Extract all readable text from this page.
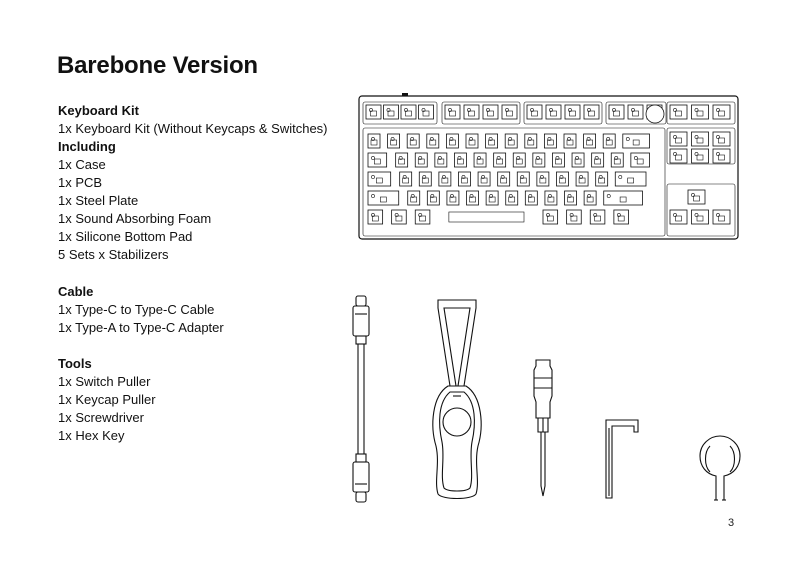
Barebone Version
Keyboard Kit
1x Keyboard Kit (Without Keycaps & Switches)
Including
1x Case
1x PCB
1x Steel Plate
1x Sound Absorbing Foam
1x Silicone Bottom Pad
5 Sets x Stabilizers
Cable
1x Type-C to Type-C Cable
1x Type-A to Type-C Adapter
Tools
1x Switch Puller
1x Keycap Puller
1x Screwdriver
1x Hex Key
3
